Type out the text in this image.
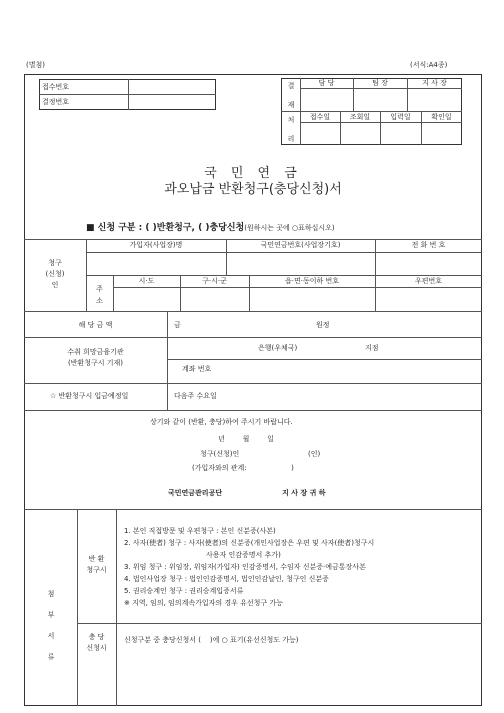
(별첨)	(서식:A4종)
접수번호
결정번호	결 재
처 리
담 당	팀 장	지 사 장
접수일	조회일	입력일	확인일
국 민 연 금
과오납금 반환청구(충당신청)서
■ 신청 구분 : ( )반환청구, ( )충당신청(원하시는 곳에 ○표하십시오)
청구
(신청)
인
가입자(사업장)명	국민연금번호(사업장기호)	전 화 번 호
주
소
시·도	구·시·군	읍·면·동이하 번호	우편번호
해 당 금 액	금	원정
수취 희망금융기관
(반환청구시 기재)
은행(우체국)	지점
계좌 번호
☆ 반환청구시 입금예정일	다음주 수요일
상기와 같이 (반환, 충당)하여 주시기 바랍니다.
년        월        일
청구(신청)인	(인)
(가입자와의 관계:                    )
국민연금관리공단	지 사 장 귀 하
첨 부 서 류
반 환
청구시
1. 본인 직접방문 및 우편청구 : 본인 신분증(사본)
2. 사자(使者) 청구 : 사자(使者)의 신분증(개인사업장은 우편 및 사자(使者)청구시
사용자 인감증명서 추가)
3. 위임 청구 : 위임장, 위임자(가입자) 인감증명서, 수임자 신분증·예금통장사본
4. 법인사업장 청구 : 법인인감증명서, 법인인감날인, 청구인 신분증
5. 권리승계인 청구 : 권리승계입증서류
※ 지역, 임의, 임의계속가입자의 경우 유선청구 가능
충 당
신청시
신청구분 중 충당신청서 (    )에 ○ 표기(유선신청도 가능)
